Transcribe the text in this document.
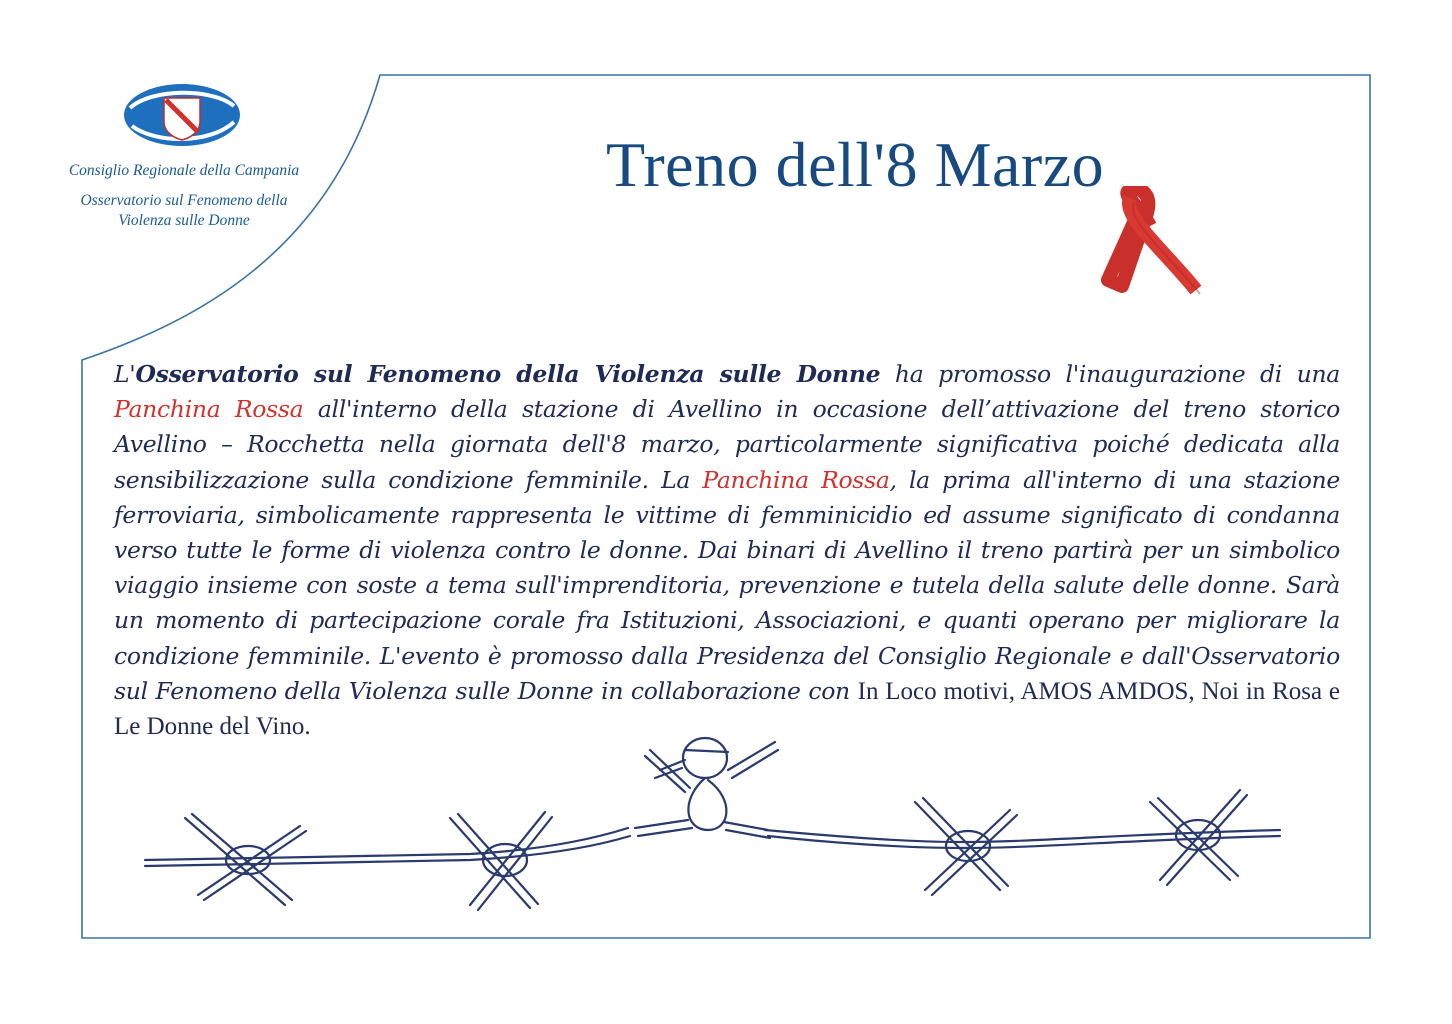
Consiglio Regionale della Campania
Osservatorio sul Fenomeno della
Violenza sulle Donne
Treno dell'8 Marzo

L'Osservatorio sul Fenomeno della Violenza sulle Donne ha promosso l'inaugurazione di una Panchina Rossa all'interno della stazione di Avellino in occasione dell’attivazione del treno storico Avellino – Rocchetta nella giornata dell'8 marzo, particolarmente significativa poiché dedicata alla sensibilizzazione sulla condizione femminile. La Panchina Rossa, la prima all'interno di una stazione ferroviaria, simbolicamente rappresenta le vittime di femminicidio ed assume significato di condanna verso tutte le forme di violenza contro le donne. Dai binari di Avellino il treno partirà per un simbolico viaggio insieme con soste a tema sull'imprenditoria, prevenzione e tutela della salute delle donne. Sarà un momento di partecipazione corale fra Istituzioni, Associazioni, e quanti operano per migliorare la condizione femminile. L'evento è promosso dalla Presidenza del Consiglio Regionale e dall'Osservatorio sul Fenomeno della Violenza sulle Donne in collaborazione con In Loco motivi, AMOS AMDOS, Noi in Rosa e Le Donne del Vino.
